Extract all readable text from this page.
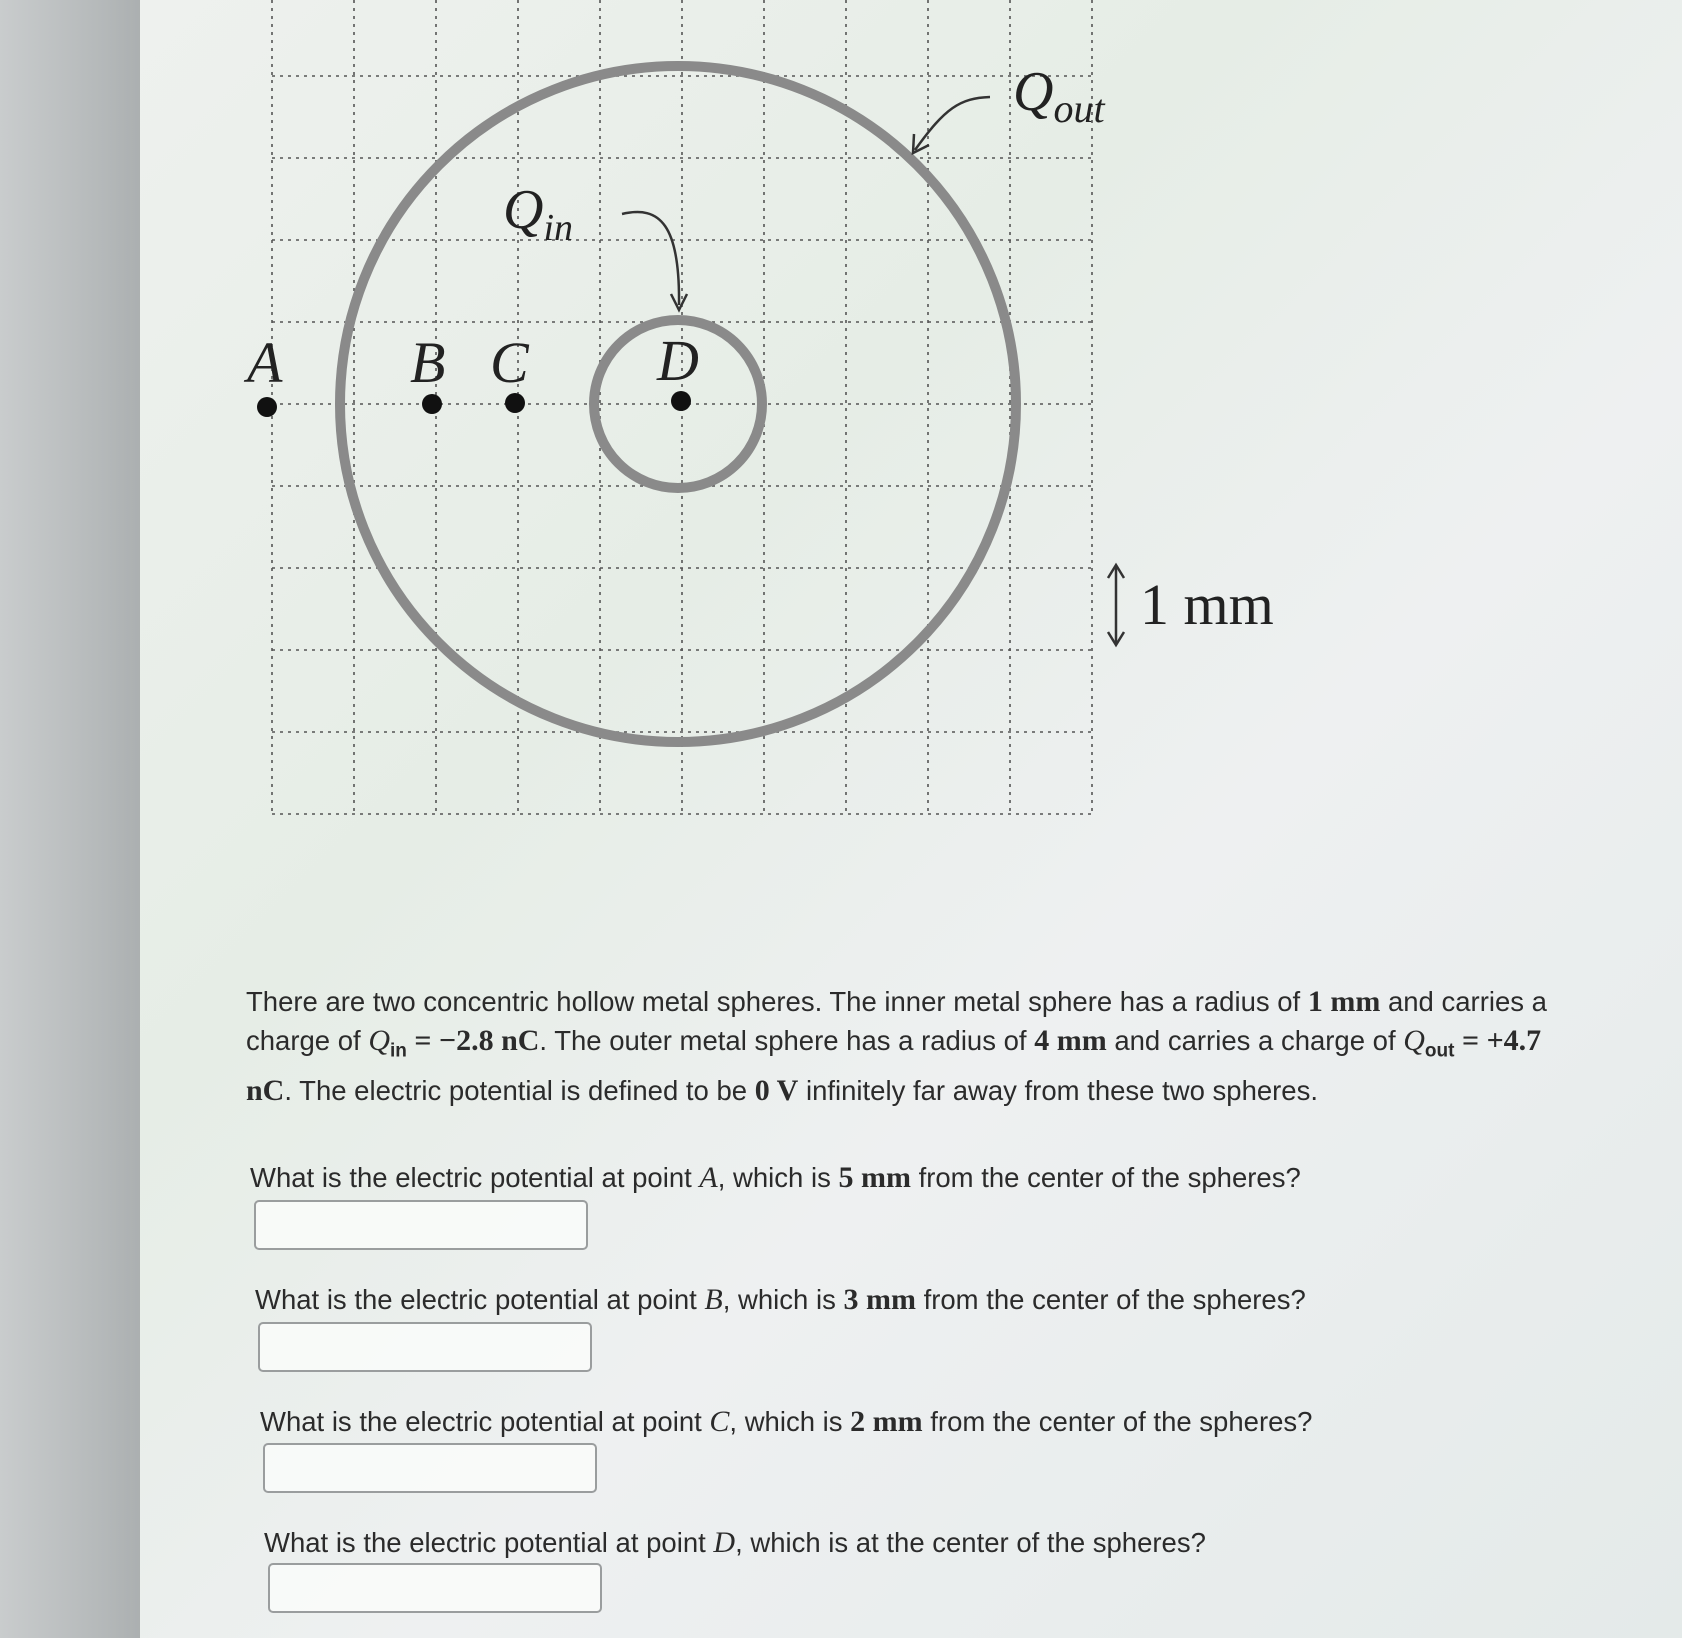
A B C D
$Q_{in}$
$Q_{out}$
1 mm
There are two concentric hollow metal spheres. The inner metal sphere has a radius of 1 mm and carries a charge of $Q_{in} = -2.8$ nC. The outer metal sphere has a radius of 4 mm and carries a charge of $Q_{out} = +4.7$ nC. The electric potential is defined to be 0 V infinitely far away from these two spheres.
What is the electric potential at point A, which is 5 mm from the center of the spheres?
What is the electric potential at point B, which is 3 mm from the center of the spheres?
What is the electric potential at point C, which is 2 mm from the center of the spheres?
What is the electric potential at point D, which is at the center of the spheres?
